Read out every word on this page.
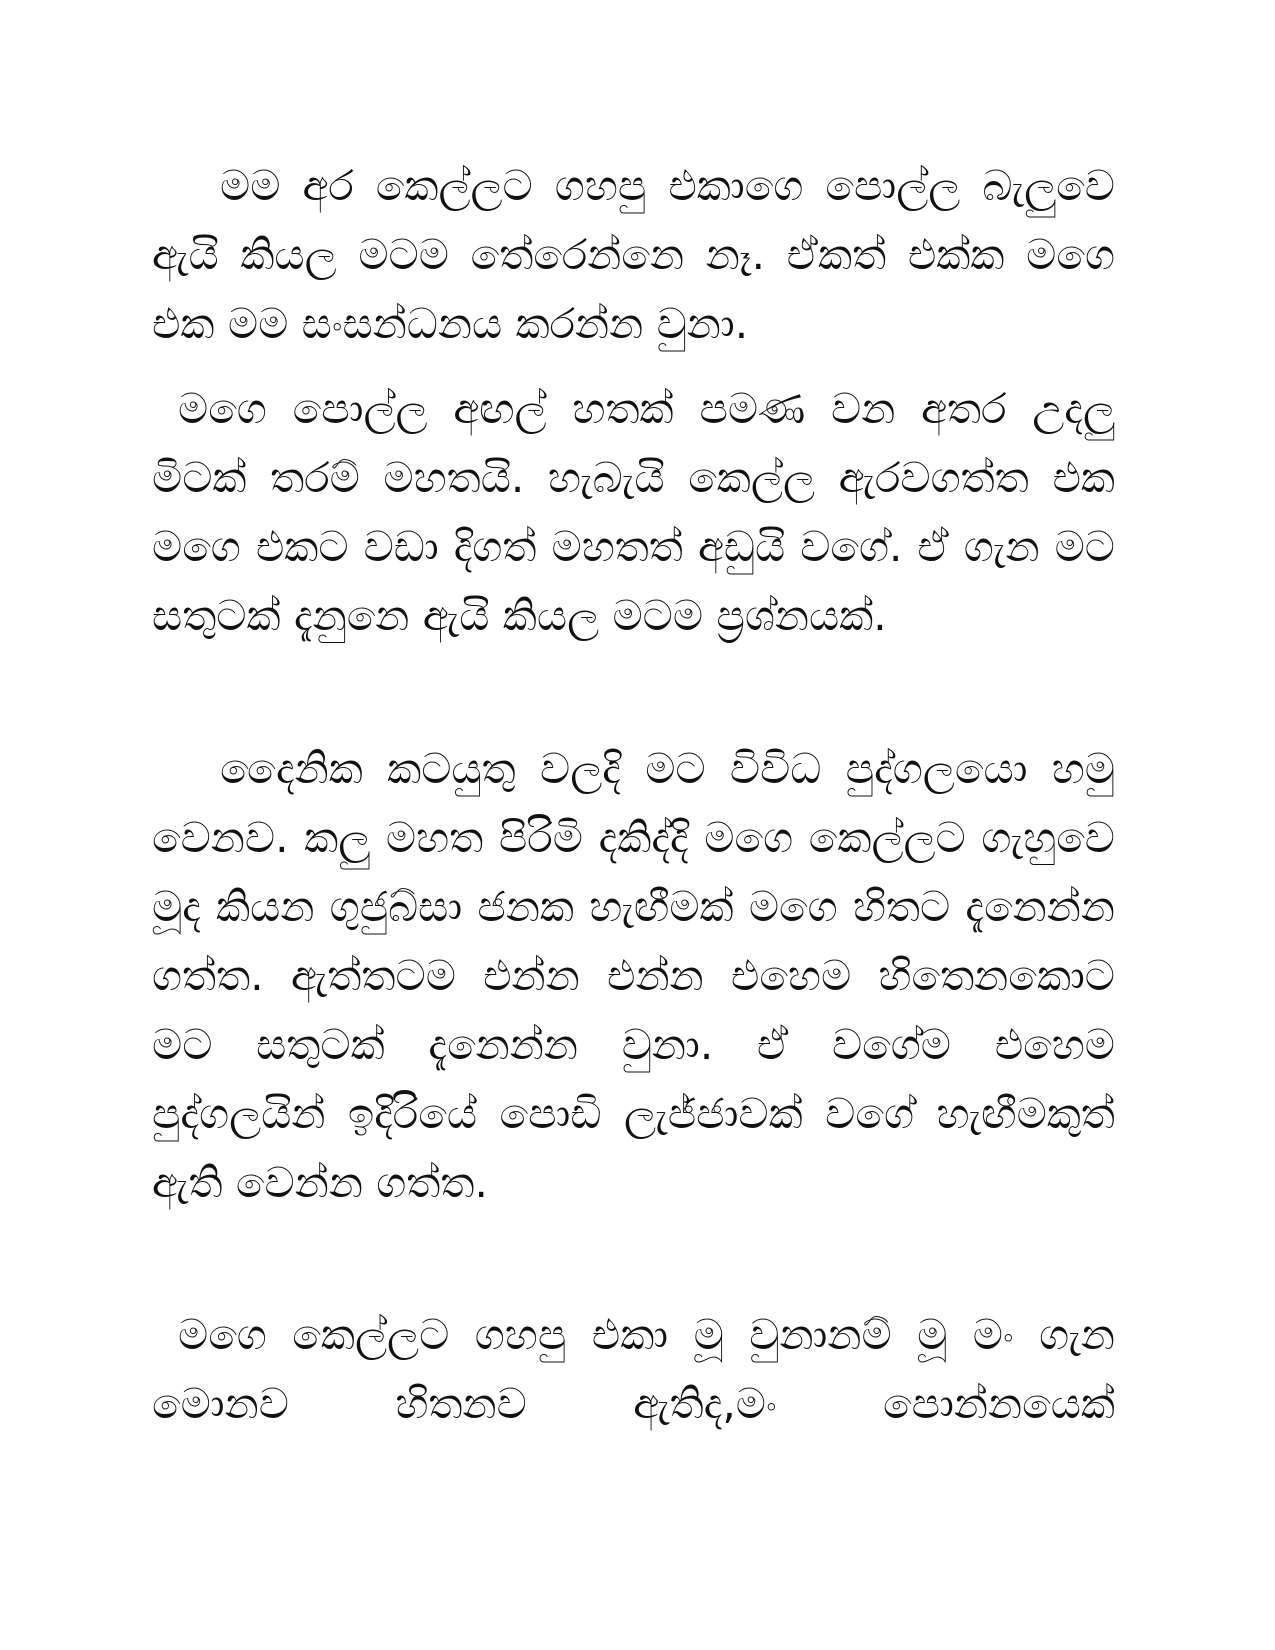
මම අර කෙල්ලට ගහපු එකාගෙ පොල්ල බැලුවෙ ඇයි කියල මටම තේරෙන්නෙ නෑ. ඒකත් එක්ක මගෙ එක මම සංසන්ධනය කරන්න වුනා.

මගෙ පොල්ල අඟල් හතක් පමණ වන අතර උදලු මිටක් තරම් මහතයි. හැබැයි කෙල්ල ඇරවගත්ත එක මගෙ එකට වඩා දිගත් මහතත් අඩුයි වගේ. ඒ ගැන මට සතුටක් දැනුනෙ ඇයි කියල මටම ප්‍රශ්නයක්.

දෛනික කටයුතු වලදි මට විවිධ පුද්ගලයො හමු වෙනව. කලු මහත පිරිමි දකිද්දි මගෙ කෙල්ලට ගැහුවෙ මූද කියන ගුජුබ්සා ජනක හැඟීමක් මගෙ හිතට දැනෙන්න ගත්ත. ඇත්තටම එන්න එන්න එහෙම හිතෙනකොට මට සතුටක් දැනෙන්න වුනා. ඒ වගේම එහෙම පුද්ගලයින් ඉදිරියේ පොඩි ලැජ්ජාවක් වගේ හැඟීමකුත් ඇති වෙන්න ගත්ත.

මගෙ කෙල්ලට ගහපු එකා මූ වුනානම් මූ මං ගැන මොනව හිතනව ඇතිද,මං පොන්නයෙක්
